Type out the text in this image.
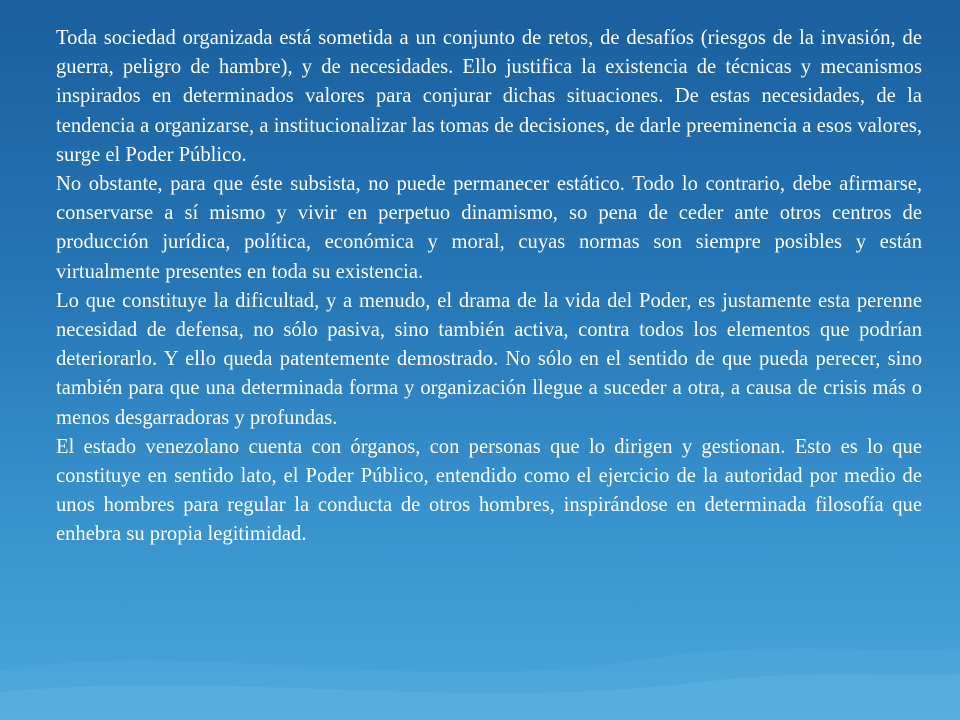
Toda sociedad organizada está sometida a un conjunto de retos, de desafíos (riesgos de la invasión, de guerra, peligro de hambre), y de necesidades. Ello justifica la existencia de técnicas y mecanismos inspirados en determinados valores para conjurar dichas situaciones. De estas necesidades, de la tendencia a organizarse, a institucionalizar las tomas de decisiones, de darle preeminencia a esos valores, surge el Poder Público.

No obstante, para que éste subsista, no puede permanecer estático. Todo lo contrario, debe afirmarse, conservarse a sí mismo y vivir en perpetuo dinamismo, so pena de ceder ante otros centros de producción jurídica, política, económica y moral, cuyas normas son siempre posibles y están virtualmente presentes en toda su existencia.

Lo que constituye la dificultad, y a menudo, el drama de la vida del Poder, es justamente esta perenne necesidad de defensa, no sólo pasiva, sino también activa, contra todos los elementos que podrían deteriorarlo. Y ello queda patentemente demostrado. No sólo en el sentido de que pueda perecer, sino también para que una determinada forma y organización llegue a suceder a otra, a causa de crisis más o menos desgarradoras y profundas.

El estado venezolano cuenta con órganos, con personas que lo dirigen y gestionan. Esto es lo que constituye en sentido lato, el Poder Público, entendido como el ejercicio de la autoridad por medio de unos hombres para regular la conducta de otros hombres, inspirándose en determinada filosofía que enhebra su propia legitimidad.
